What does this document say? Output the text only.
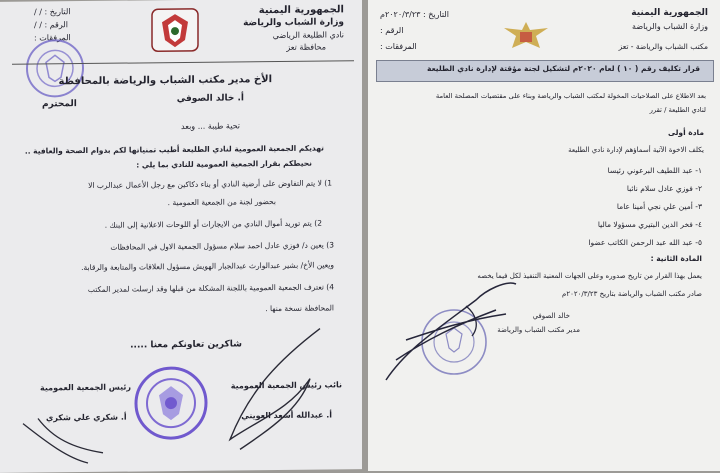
الجمهورية اليمنية
وزارة الشباب والرياضة
نادي الطليعة الرياضي
محافظة تعز
التاريخ : / /
الرقم : / /
المرفقات :
الأخ مدير مكتب الشباب والرياضة بالمحافظة
أ. خالد الصوفي
المحترم
تحية طيبة ... وبعد
تهديكم الجمعية العمومية لنادي الطليعة أطيب تمنياتها لكم بدوام الصحة والعافية ..
نحيطكم بقرار الجمعية العمومية للنادي بما يلي :
1) لا يتم التفاوض على أرضية النادي أو بناء دكاكين مع رجل الأعمال عبدالرب الا
بحضور لجنة من الجمعية العمومية .
2) يتم توريد أموال النادي من الايجارات أو اللوحات الاعلانية إلى البنك .
3) يعين د/ فوزي عادل احمد سلام مسؤول الجمعية الاول في المحافظات
ويعين الأخ/ بشير عبدالوارث عبدالجبار الهويش مسؤول العلاقات والمتابعة والرقابة.
4) تعترف الجمعية العمومية باللجنة المشكلة من قبلها وقد ارسلت لمدير المكتب
المحافظة نسخة منها .
شاكرين تعاونكم معنا .....
نائب رئيس الجمعية العمومية
أ. عبدالله أسعد العويني
رئيس الجمعية العمومية
أ. شكري علي شكري
الجمهورية اليمنية
وزارة الشباب والرياضة
مكتب الشباب والرياضة - تعز
التاريخ : ٢٠٢٠/٣/٢٣م
الرقم :
المرفقات :
قرار تكليف رقم ( ١٠ ) لعام ٢٠٢٠م لتشكيل لجنة مؤقتة لإدارة نادي الطليعة
بعد الاطلاع على الصلاحيات المخولة لمكتب الشباب والرياضة وبناء على مقتضيات المصلحة العامة
لنادي الطليعة / تقرر
مادة أولى
يكلف الاخوة الآتية أسماؤهم لإدارة نادي الطليعة
١- عبد اللطيف البرعوني رئيسا
٢- فوزي عادل سلام نائبا
٣- أمين علي نجي أمينا عاما
٤- فخر الدين البتيري مسؤولا ماليا
٥- عبد الله عبد الرحمن الكاتب عضوا
المادة الثانية :
يعمل بهذا القرار من تاريخ صدوره وعلى الجهات المعنية التنفيذ لكل فيما يخصه
صادر مكتب الشباب والرياضة بتاريخ ٢٠٢٠/٣/٢٣م
خالد الصوفي
مدير مكتب الشباب والرياضة
